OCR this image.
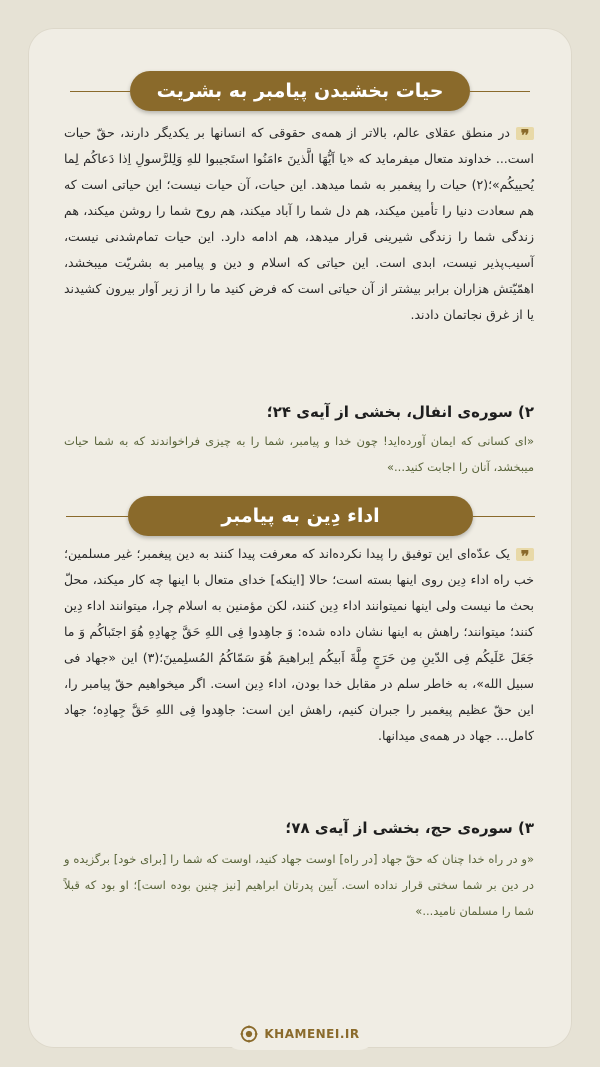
حیات بخشیدن پیامبر به بشریت
❞در منطق عقلای عالم، بالاتر از همه‌ی حقوقی که انسانها بر یکدیگر دارند، حقّ حیات است... خداوند متعال میفرماید که «یا اَیُّهَا الَّذینَ ءامَنُوا استَجیبوا للهِ وَلِلرَّسولِ اِذا دَعاکُم لِما یُحییکُم»؛(۲) حیات را پیغمبر به شما میدهد. این حیات، آن حیات نیست؛ این حیاتی است که هم سعادت دنیا را تأمین میکند، هم دل شما را آباد میکند، هم روح شما را روشن میکند، هم زندگی شما را زندگی شیرینی قرار میدهد، هم ادامه دارد. این حیات تمام‌شدنی نیست، آسیب‌پذیر نیست، ابدی است. این حیاتی که اسلام و دین و پیامبر به بشریّت میبخشد، اهمّیّتش هزاران برابر بیشتر از آن حیاتی است که فرض کنید ما را از زیر آوار بیرون کشیدند یا از غرق نجاتمان دادند.
۲) سوره‌ی انفال، بخشی از آیه‌ی ۲۴؛
«ای کسانی که ایمان آورده‌اید! چون خدا و پیامبر، شما را به چیزی فراخواندند که به شما حیات میبخشد، آنان را اجابت کنید...»
اداء دِین به پیامبر
❞یک عدّه‌ای این توفیق را پیدا نکرده‌اند که معرفت پیدا کنند به دین پیغمبر؛ غیر مسلمین؛ خب راه اداء دِین روی اینها بسته است؛ حالا [اینکه] خدای متعال با اینها چه کار میکند، محلّ بحث ما نیست ولی اینها نمیتوانند اداء دِین کنند، لکن مؤمنین به اسلام چرا، میتوانند اداء دِین کنند؛ میتوانند؛ راهش به اینها نشان داده شده: وَ جاهِدوا فِی اللهِ حَقَّ جِهادِهِ هُوَ اجتَباکُم وَ ما جَعَلَ عَلَیکُم فِی الدّینِ مِن حَرَجٍ مِلَّةَ اَبیکُم اِبراهیمَ هُوَ سَمّاکُمُ المُسلِمینَ؛(۳) این «جهاد فی سبیل الله»، به خاطر سلم در مقابل خدا بودن، اداء دِین است. اگر میخواهیم حقّ پیامبر را، این حقّ عظیم پیغمبر را جبران کنیم، راهش این است: جاهِدوا فِی اللهِ حَقَّ جِهادِه؛ جهاد کامل... جهاد در همه‌ی میدانها.
۳) سوره‌ی حج، بخشی از آیه‌ی ۷۸؛
«و در راه خدا چنان که حقّ جهاد [در راه] اوست جهاد کنید، اوست که شما را [برای خود] برگزیده و در دین بر شما سختی قرار نداده است. آیین پدرتان ابراهیم [نیز چنین بوده است]؛ او بود که قبلاً شما را مسلمان نامید...»
KHAMENEI.IR
